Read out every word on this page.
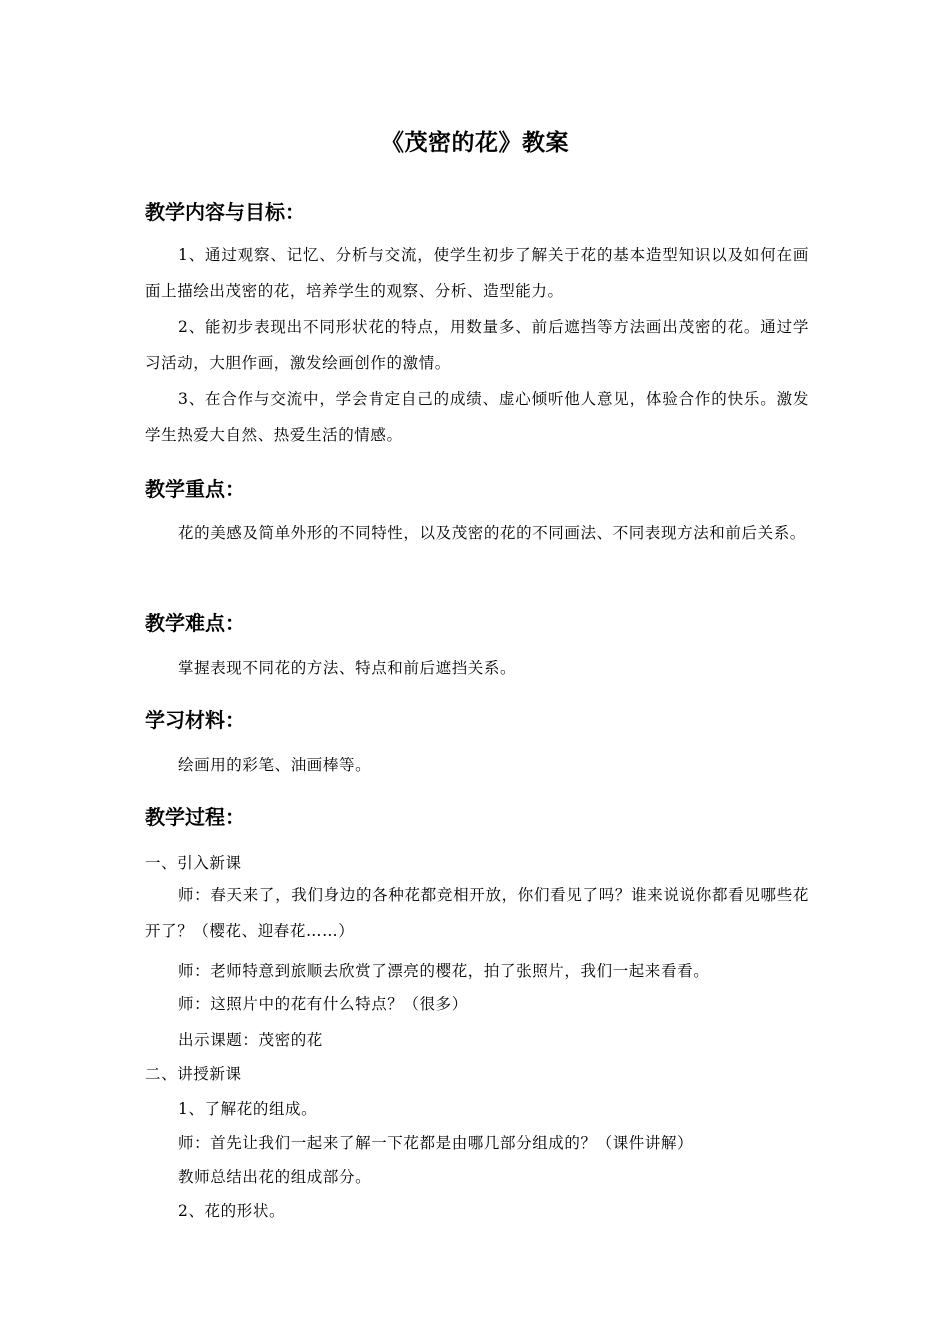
《茂密的花》教案
教学内容与目标：
1、通过观察、记忆、分析与交流，使学生初步了解关于花的基本造型知识以及如何在画面上描绘出茂密的花，培养学生的观察、分析、造型能力。
2、能初步表现出不同形状花的特点，用数量多、前后遮挡等方法画出茂密的花。通过学习活动，大胆作画，激发绘画创作的激情。
3、在合作与交流中，学会肯定自己的成绩、虚心倾听他人意见，体验合作的快乐。激发学生热爱大自然、热爱生活的情感。
教学重点：
花的美感及简单外形的不同特性，以及茂密的花的不同画法、不同表现方法和前后关系。
教学难点：
掌握表现不同花的方法、特点和前后遮挡关系。
学习材料：
绘画用的彩笔、油画棒等。
教学过程：
一、引入新课
师：春天来了，我们身边的各种花都竞相开放，你们看见了吗？谁来说说你都看见哪些花开了？（樱花、迎春花……）
师：老师特意到旅顺去欣赏了漂亮的樱花，拍了张照片，我们一起来看看。
师：这照片中的花有什么特点？（很多）
出示课题：茂密的花
二、讲授新课
1、了解花的组成。
师：首先让我们一起来了解一下花都是由哪几部分组成的？（课件讲解）
教师总结出花的组成部分。
2、花的形状。
